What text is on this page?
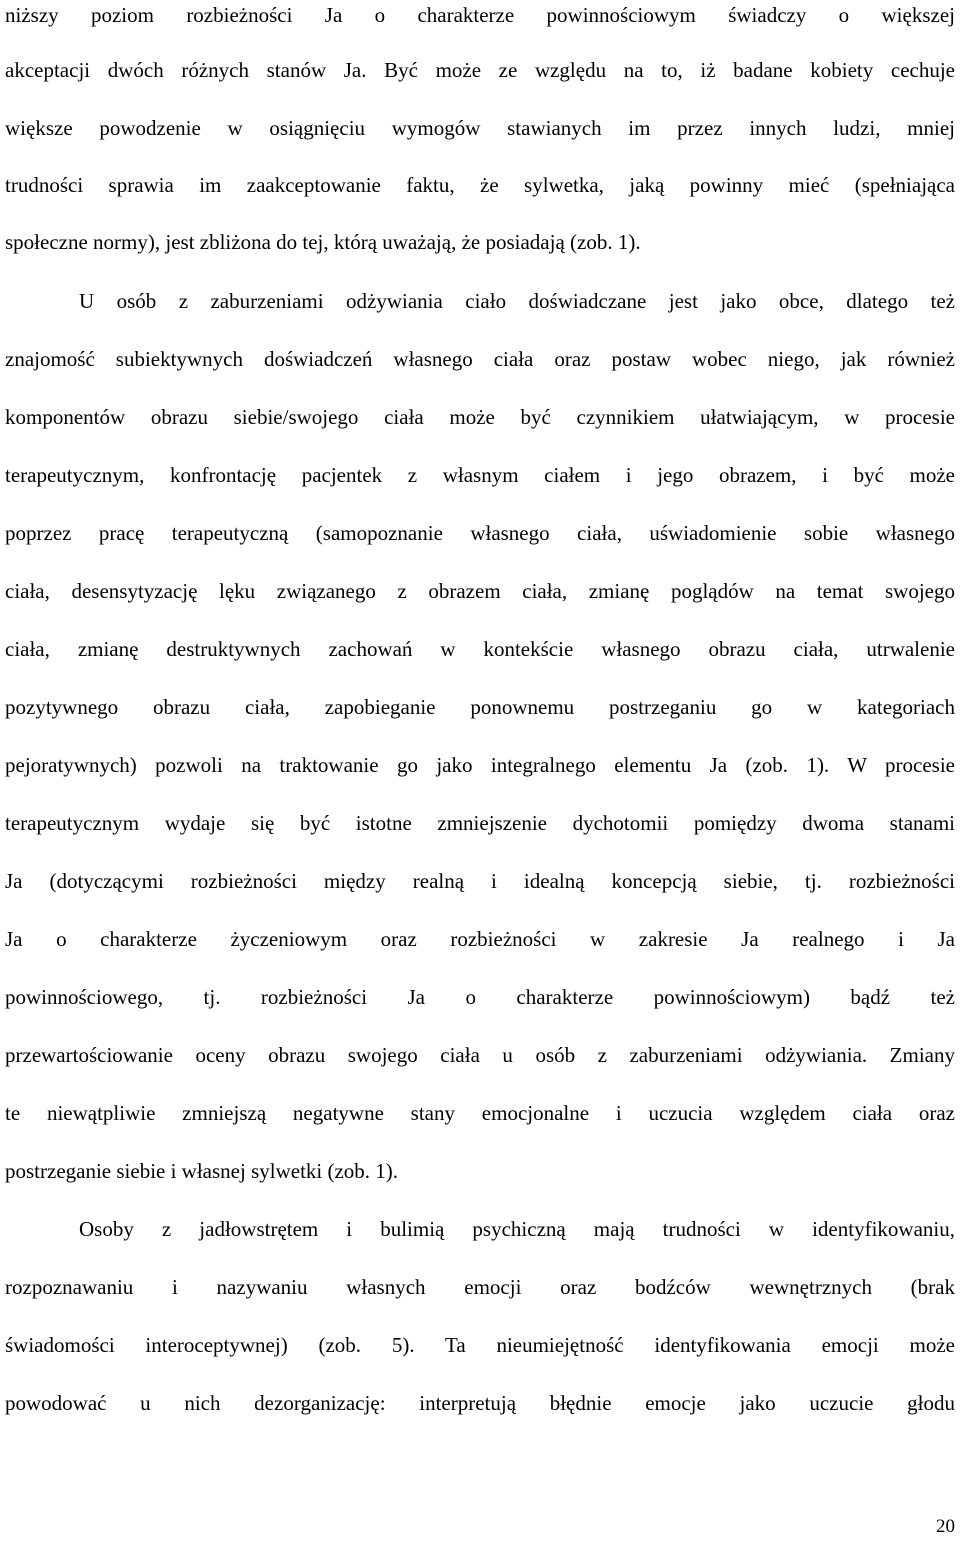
niższy poziom rozbieżności Ja o charakterze powinnościowym świadczy o większej
akceptacji dwóch różnych stanów Ja. Być może ze względu na to, iż badane kobiety cechuje
większe powodzenie w osiągnięciu wymogów stawianych im przez innych ludzi, mniej
trudności sprawia im zaakceptowanie faktu, że sylwetka, jaką powinny mieć (spełniająca
społeczne normy), jest zbliżona do tej, którą uważają, że posiadają (zob. 1).
U osób z zaburzeniami odżywiania ciało doświadczane jest jako obce, dlatego też
znajomość subiektywnych doświadczeń własnego ciała oraz postaw wobec niego, jak również
komponentów obrazu siebie/swojego ciała może być czynnikiem ułatwiającym, w procesie
terapeutycznym, konfrontację pacjentek z własnym ciałem i jego obrazem, i być może
poprzez pracę terapeutyczną (samopoznanie własnego ciała, uświadomienie sobie własnego
ciała, desensytyzację lęku związanego z obrazem ciała, zmianę poglądów na temat swojego
ciała, zmianę destruktywnych zachowań w kontekście własnego obrazu ciała, utrwalenie
pozytywnego obrazu ciała, zapobieganie ponownemu postrzeganiu go w kategoriach
pejoratywnych) pozwoli na traktowanie go jako integralnego elementu Ja (zob. 1). W procesie
terapeutycznym wydaje się być istotne zmniejszenie dychotomii pomiędzy dwoma stanami
Ja (dotyczącymi rozbieżności między realną i idealną koncepcją siebie, tj. rozbieżności
Ja o charakterze życzeniowym oraz rozbieżności w zakresie Ja realnego i Ja
powinnościowego, tj. rozbieżności Ja o charakterze powinnościowym) bądź też
przewartościowanie oceny obrazu swojego ciała u osób z zaburzeniami odżywiania. Zmiany
te niewątpliwie zmniejszą negatywne stany emocjonalne i uczucia względem ciała oraz
postrzeganie siebie i własnej sylwetki (zob. 1).
Osoby z jadłowstrętem i bulimią psychiczną mają trudności w identyfikowaniu,
rozpoznawaniu i nazywaniu własnych emocji oraz bodźców wewnętrznych (brak
świadomości interoceptywnej) (zob. 5). Ta nieumiejętność identyfikowania emocji może
powodować u nich dezorganizację: interpretują błędnie emocje jako uczucie głodu
20
